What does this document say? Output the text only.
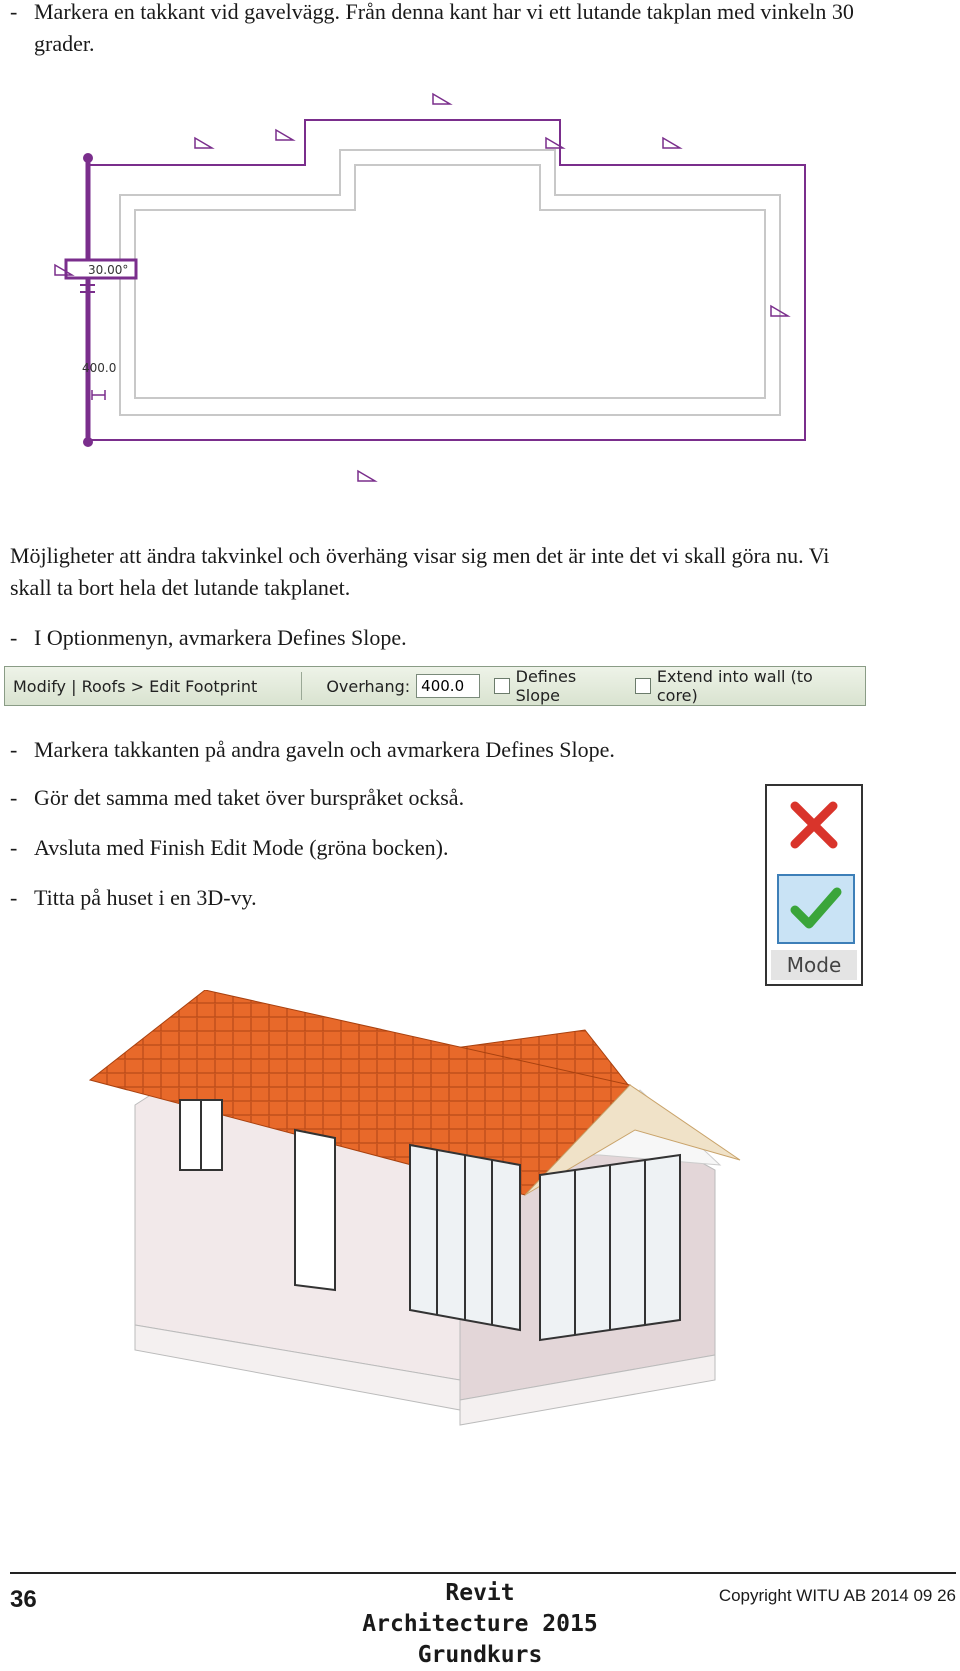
- Markera en takkant vid gavelvägg. Från denna kant har vi ett lutande takplan med vinkeln 30 grader.
30.00°
400.0

Möjligheter att ändra takvinkel och överhäng visar sig men det är inte det vi skall göra nu. Vi skall ta bort hela det lutande takplanet.

- I Optionmenyn, avmarkera Defines Slope.
Modify | Roofs > Edit Footprint	Overhang:
400.0	Defines Slope
Extend into wall (to core)
- Markera takkanten på andra gaveln och avmarkera Defines Slope.
- Gör det samma med taket över burspråket också.
- Avsluta med Finish Edit Mode (gröna bocken).
- Titta på huset i en 3D-vy.
Mode
36	Revit
Architecture 2015
Grundkurs
Copyright WITU AB 2014 09 26
